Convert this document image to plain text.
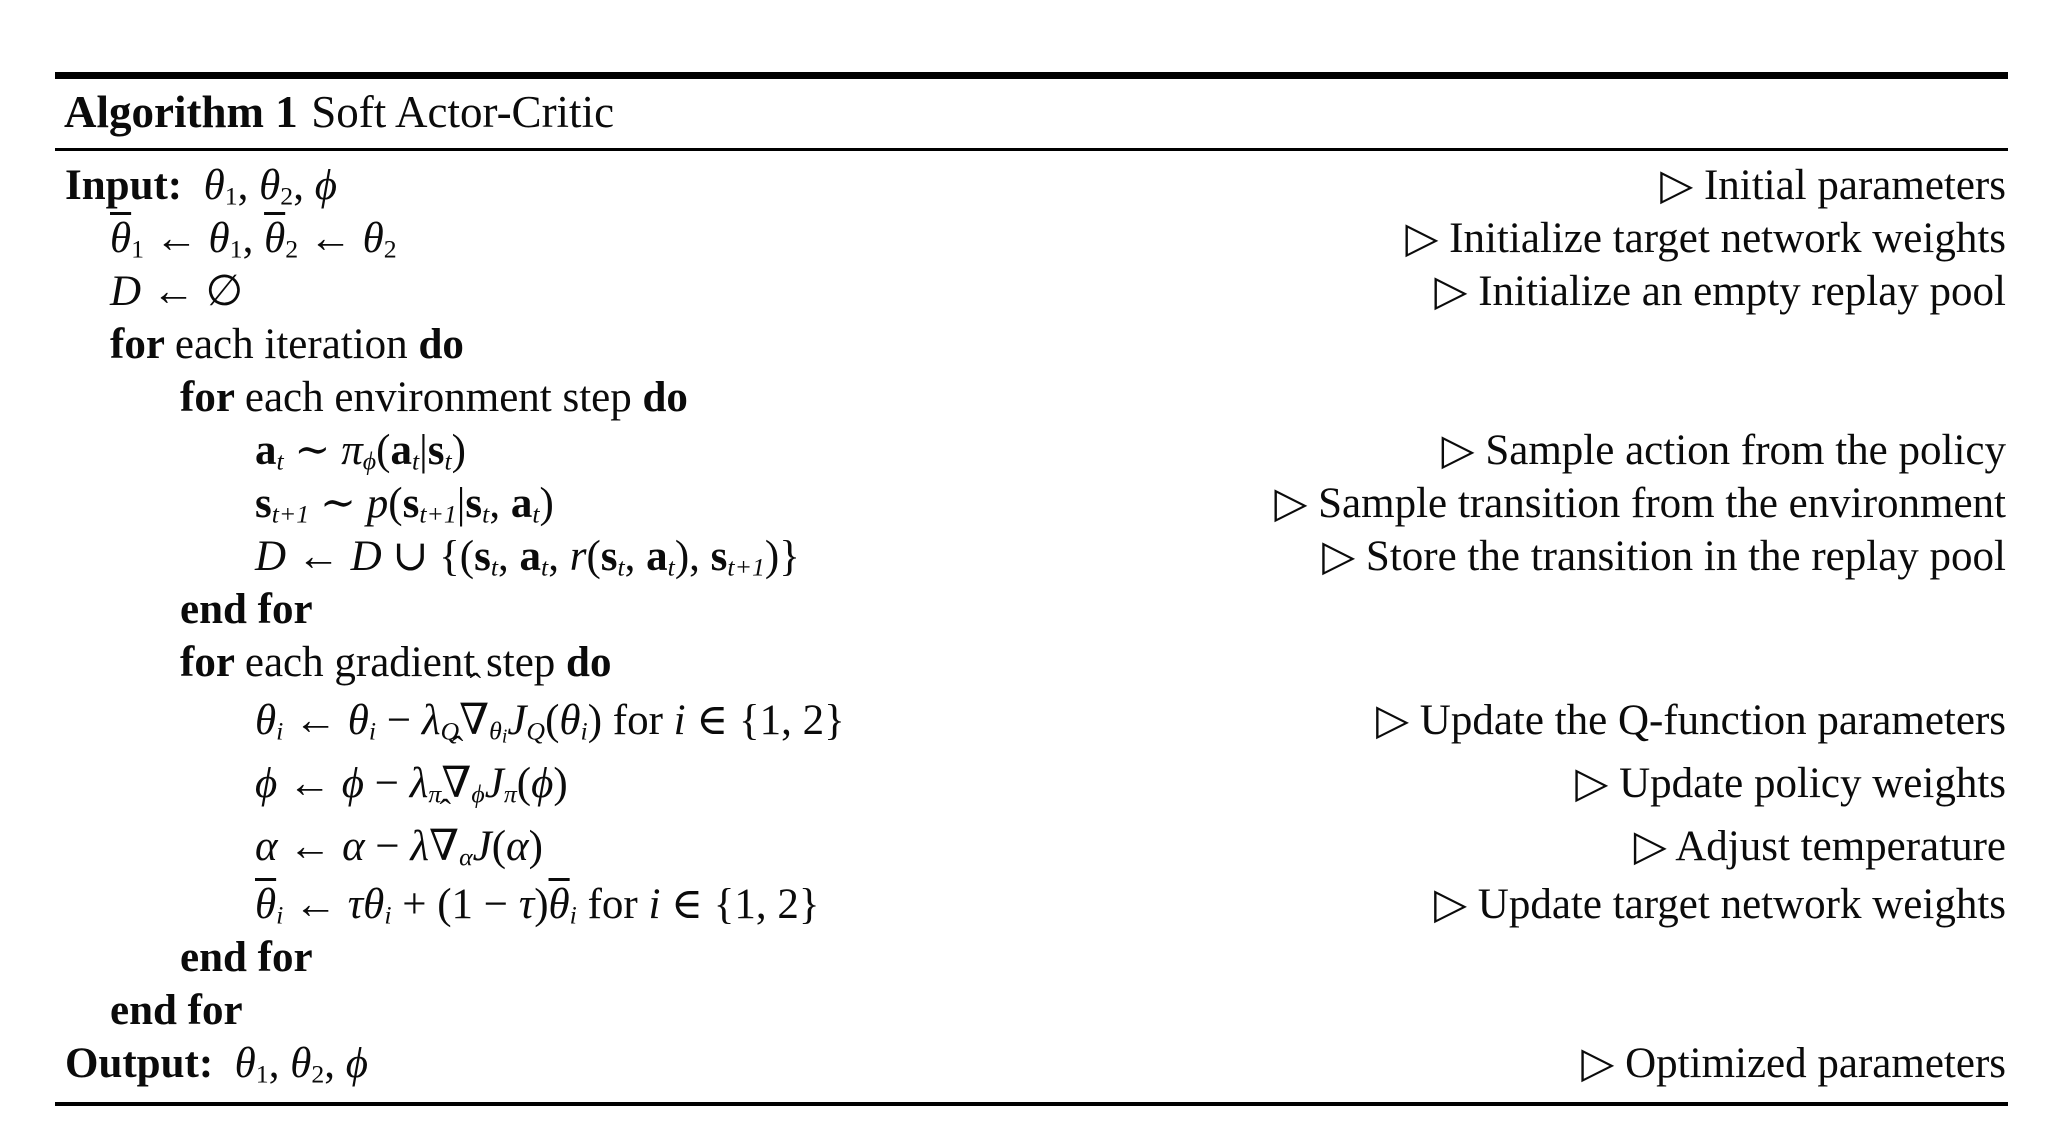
Algorithm 1 Soft Actor-Critic
Input:  θ1, θ2, ϕ	▷ Initial parameters
$\overline{\theta}1$ ← θ1, $\overline{\theta}2$ ← θ2	▷ Initialize target network weights
D ← ∅	▷ Initialize an empty replay pool
for each iteration do
for each environment step do
$a_t$ ∼ $\pi_\phi(a_t|s_t)$	▷ Sample action from the policy
$s_{t+1}$ ∼ $p(s_{t+1}|s_t$, $a_t$)	▷ Sample transition from the environment
D ← D ∪ {($s_t$, $a_t$, $r(s_t$, $a_t$), $s_{t+1}$)}	▷ Store the transition in the replay pool
end for
for each gradient step do
$\theta_i$ ← $\theta_i - \lambda_Q\nabla$ $ˆ_\theta iJ_Q(\theta_i)$ for i ∈ {1, 2}	▷ Update the Q-function parameters
ϕ ← $\phi - \lambda_\pi\nabla$ $ˆ_\phi J_\pi(\phi)$	▷ Update policy weights
α ← α − λ∇ ˆ$_\alpha$J(α)	▷ Adjust temperature
$\overline{\theta}_i$ ← $\tau\theta_i + (1 - \tau)\overline{\theta}_i$ for i ∈ {1, 2}	▷ Update target network weights
end for
end for
Output:  θ1, θ2, ϕ	▷ Optimized parameters
